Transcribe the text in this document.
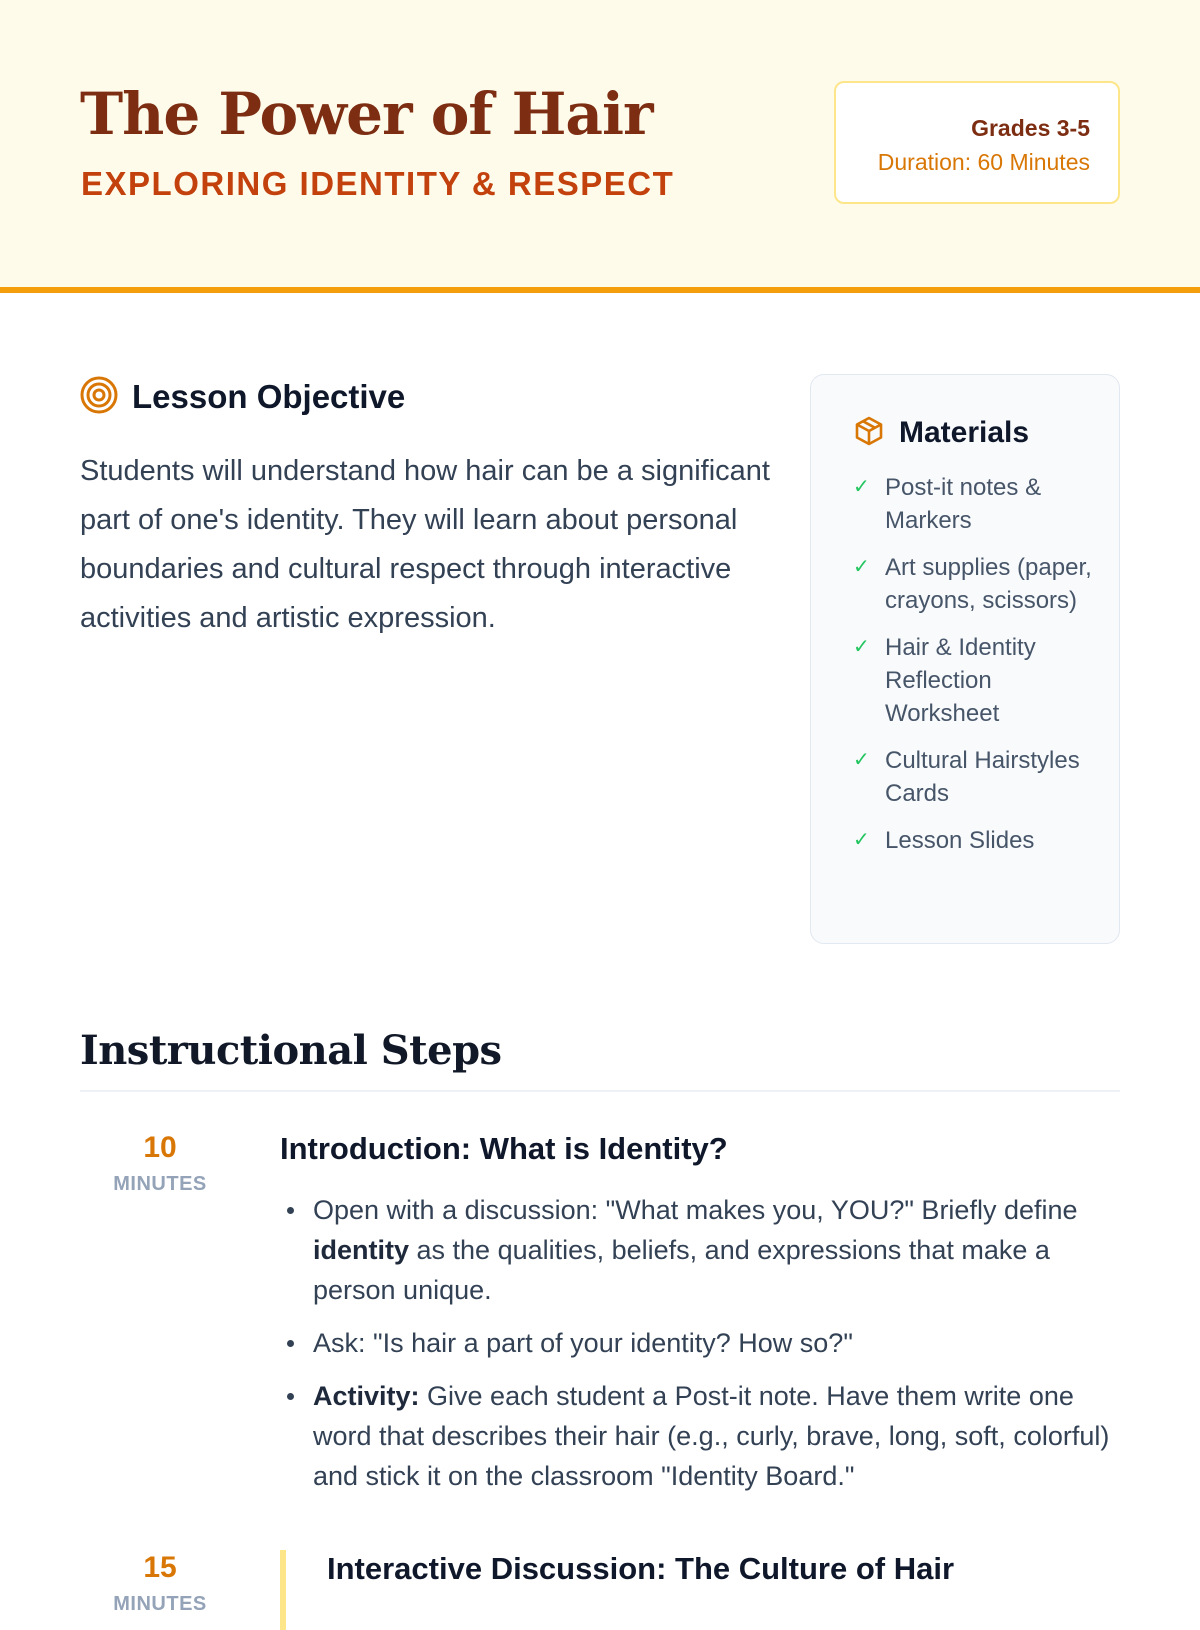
The Power of Hair
EXPLORING IDENTITY & RESPECT
Grades 3-5
Duration: 60 Minutes
Lesson Objective

Students will understand how hair can be a significant part of one's identity. They will learn about personal boundaries and cultural respect through interactive activities and artistic expression.

Materials
✓ Post-it notes & Markers
✓ Art supplies (paper, crayons, scissors)
✓ Hair & Identity Reflection Worksheet
✓ Cultural Hairstyles Cards
✓ Lesson Slides
Instructional Steps
10
MINUTES
Introduction: What is Identity?
Open with a discussion: "What makes you, YOU?" Briefly define identity as the qualities, beliefs, and expressions that make a person unique.
Ask: "Is hair a part of your identity? How so?"
Activity: Give each student a Post-it note. Have them write one word that describes their hair (e.g., curly, brave, long, soft, colorful) and stick it on the classroom "Identity Board."
15
MINUTES
Interactive Discussion: The Culture of Hair
